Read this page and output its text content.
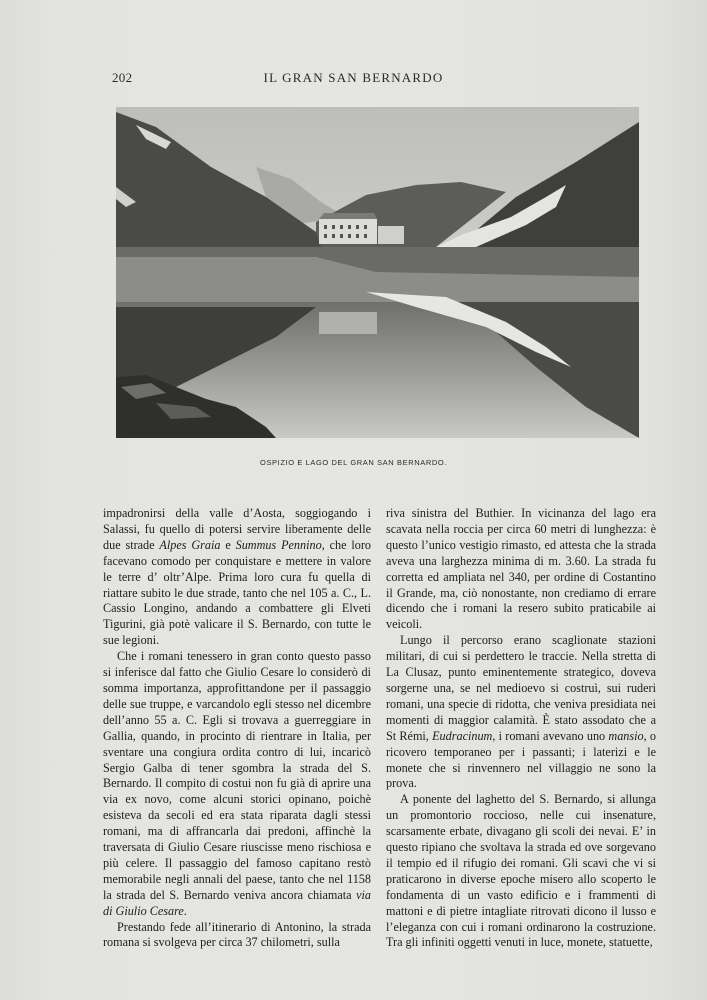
202	IL GRAN SAN BERNARDO
OSPIZIO E LAGO DEL GRAN SAN BERNARDO.

impadronirsi della valle d’Aosta, soggiogando i Salassi, fu quello di potersi servire liberamente delle due strade Alpes Graia e Summus Pennino, che loro facevano comodo per conquistare e mettere in valore le terre d’ oltr’Alpe. Prima loro cura fu quella di riattare subito le due strade, tanto che nel 105 a. C., L. Cassio Longino, andando a combattere gli Elveti Tigurini, già potè valicare il S. Bernardo, con tutte le sue legioni.

Che i romani tenessero in gran conto questo passo si inferisce dal fatto che Giulio Cesare lo considerò di somma importanza, approfittandone per il passaggio delle sue truppe, e varcandolo egli stesso nel dicembre dell’anno 55 a. C. Egli si trovava a guerreggiare in Gallia, quando, in procinto di rientrare in Italia, per sventare una congiura ordita contro di lui, incaricò Sergio Galba di tener sgombra la strada del S. Bernardo. Il compito di costui non fu già di aprire una via ex novo, come alcuni storici opinano, poichè esisteva da secoli ed era stata riparata dagli stessi romani, ma di affrancarla dai predoni, affinchè la traversata di Giulio Cesare riuscisse meno rischiosa e più celere. Il passaggio del famoso capitano restò memorabile negli annali del paese, tanto che nel 1158 la strada del S. Bernardo veniva ancora chiamata via di Giulio Cesare.

Prestando fede all’itinerario di Antonino, la strada romana si svolgeva per circa 37 chilometri, sulla

riva sinistra del Buthier. In vicinanza del lago era scavata nella roccia per circa 60 metri di lunghezza: è questo l’unico vestigio rimasto, ed attesta che la strada aveva una larghezza minima di m. 3.60. La strada fu corretta ed ampliata nel 340, per ordine di Costantino il Grande, ma, ciò nonostante, non crediamo di errare dicendo che i romani la resero subito praticabile ai veicoli.

Lungo il percorso erano scaglionate stazioni militari, di cui si perdettero le traccie. Nella stretta di La Clusaz, punto eminentemente strategico, doveva sorgerne una, se nel medioevo si costruì, sui ruderi romani, una specie di ridotta, che veniva presidiata nei momenti di maggior calamità. È stato assodato che a St Rémi, Eudracinum, i romani avevano uno mansio, o ricovero temporaneo per i passanti; i laterizi e le monete che si rinvennero nel villaggio ne sono la prova.

A ponente del laghetto del S. Bernardo, si allunga un promontorio roccioso, nelle cui insenature, scarsamente erbate, divagano gli scoli dei nevai. E’ in questo ripiano che svoltava la strada ed ove sorgevano il tempio ed il rifugio dei romani. Gli scavi che vi si praticarono in diverse epoche misero allo scoperto le fondamenta di un vasto edificio e i frammenti di mattoni e di pietre intagliate ritrovati dicono il lusso e l’eleganza con cui i romani ordinarono la costruzione. Tra gli infiniti oggetti venuti in luce, monete, statuette,
